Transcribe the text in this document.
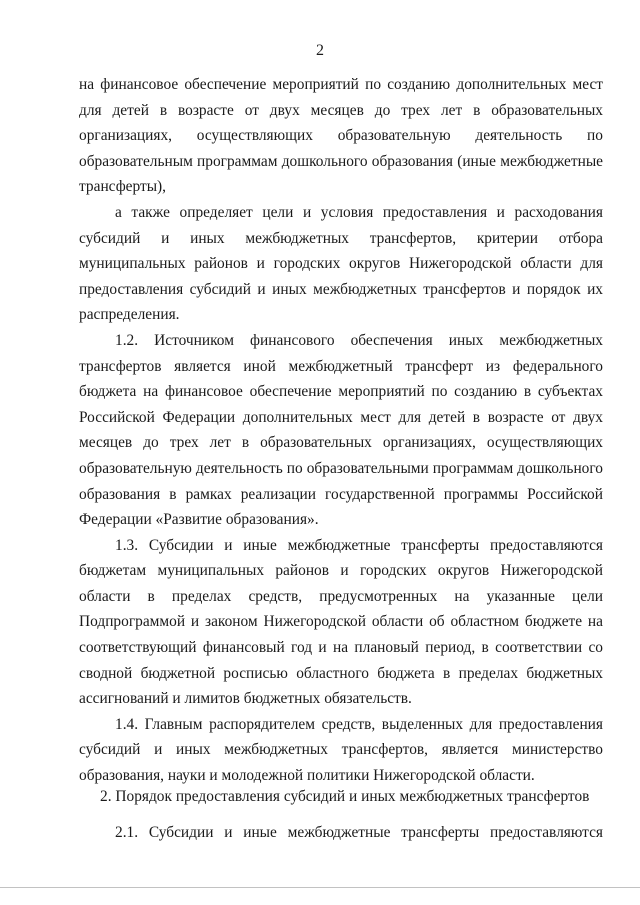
2

на финансовое обеспечение мероприятий по созданию дополнительных мест для детей в возрасте от двух месяцев до трех лет в образовательных организациях, осуществляющих образовательную деятельность по образовательным программам дошкольного образования (иные межбюджетные трансферты),

а также определяет цели и условия предоставления и расходования субсидий и иных межбюджетных трансфертов, критерии отбора муниципальных районов и городских округов Нижегородской области для предоставления субсидий и иных межбюджетных трансфертов и порядок их распределения.

1.2. Источником финансового обеспечения иных межбюджетных трансфертов является иной межбюджетный трансферт из федерального бюджета на финансовое обеспечение мероприятий по созданию в субъектах Российской Федерации дополнительных мест для детей в возрасте от двух месяцев до трех лет в образовательных организациях, осуществляющих образовательную деятельность по образовательными программам дошкольного образования в рамках реализации государственной программы Российской Федерации «Развитие образования».

1.3. Субсидии и иные межбюджетные трансферты предоставляются бюджетам муниципальных районов и городских округов Нижегородской области в пределах средств, предусмотренных на указанные цели Подпрограммой и законом Нижегородской области об областном бюджете на соответствующий финансовый год и на плановый период, в соответствии со сводной бюджетной росписью областного бюджета в пределах бюджетных ассигнований и лимитов бюджетных обязательств.

1.4. Главным распорядителем средств, выделенных для предоставления субсидий и иных межбюджетных трансфертов, является министерство образования, науки и молодежной политики Нижегородской области.

2. Порядок предоставления субсидий и иных межбюджетных трансфертов
2.1. Субсидии и иные межбюджетные трансферты предоставляются
